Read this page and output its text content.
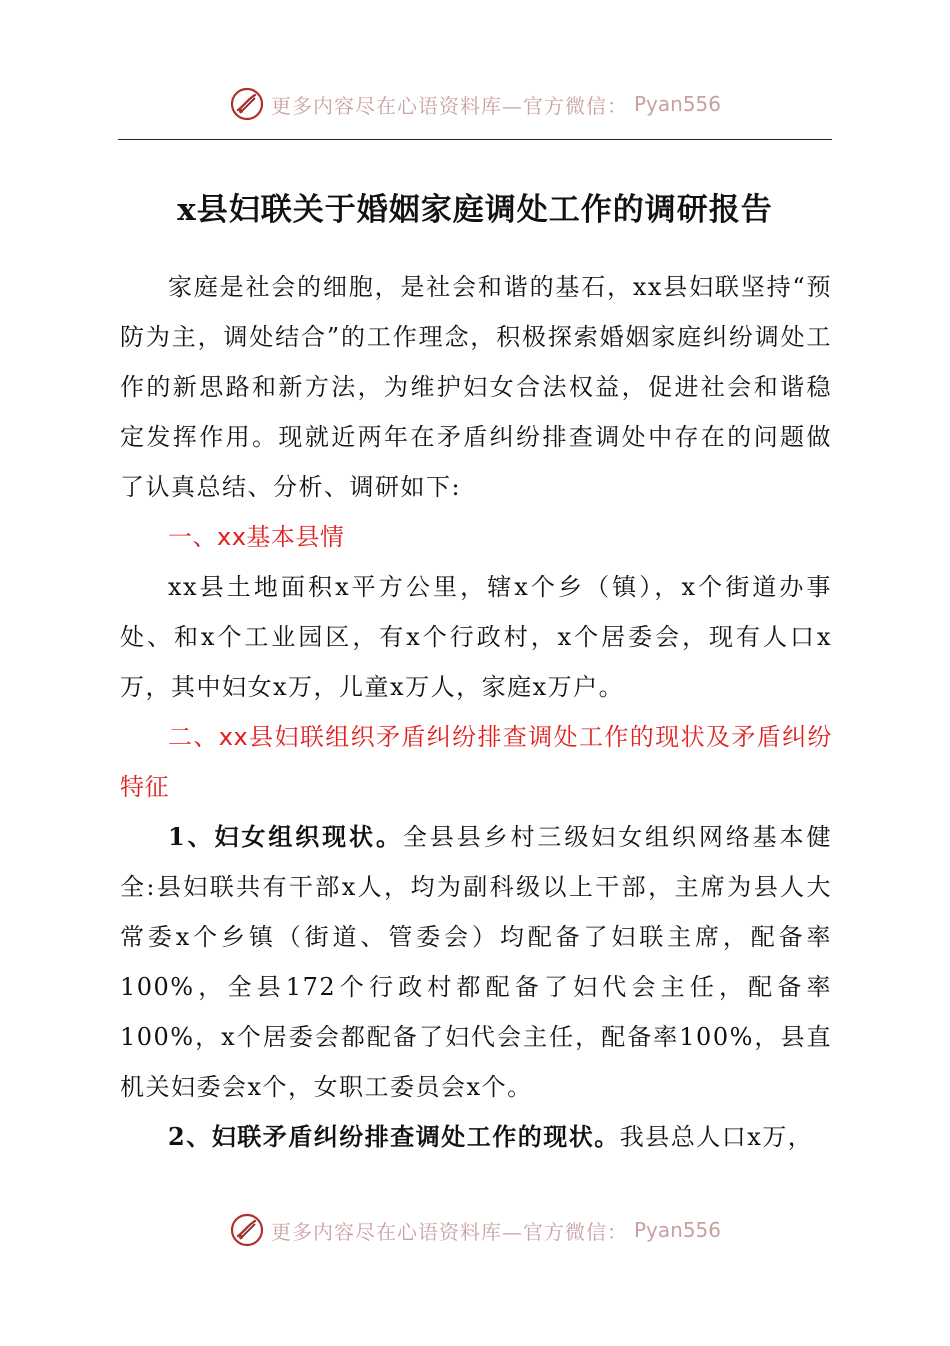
更多内容尽在心语资料库—官方微信： Pyan556
x县妇联关于婚姻家庭调处工作的调研报告

家庭是社会的细胞，是社会和谐的基石，xx县妇联坚持“预防为主，调处结合”的工作理念，积极探索婚姻家庭纠纷调处工作的新思路和新方法，为维护妇女合法权益，促进社会和谐稳定发挥作用。现就近两年在矛盾纠纷排查调处中存在的问题做了认真总结、分析、调研如下:

一、xx基本县情

xx县土地面积x平方公里，辖x个乡（镇），x个街道办事处、和x个工业园区，有x个行政村，x个居委会，现有人口x万，其中妇女x万，儿童x万人，家庭x万户。

二、xx县妇联组织矛盾纠纷排查调处工作的现状及矛盾纠纷特征

1、妇女组织现状。全县县乡村三级妇女组织网络基本健全:县妇联共有干部x人，均为副科级以上干部，主席为县人大常委x个乡镇（街道、管委会）均配备了妇联主席，配备率100%，全县172个行政村都配备了妇代会主任，配备率100%，x个居委会都配备了妇代会主任，配备率100%，县直机关妇委会x个，女职工委员会x个。

2、妇联矛盾纠纷排查调处工作的现状。我县总人口x万，

更多内容尽在心语资料库—官方微信： Pyan556
